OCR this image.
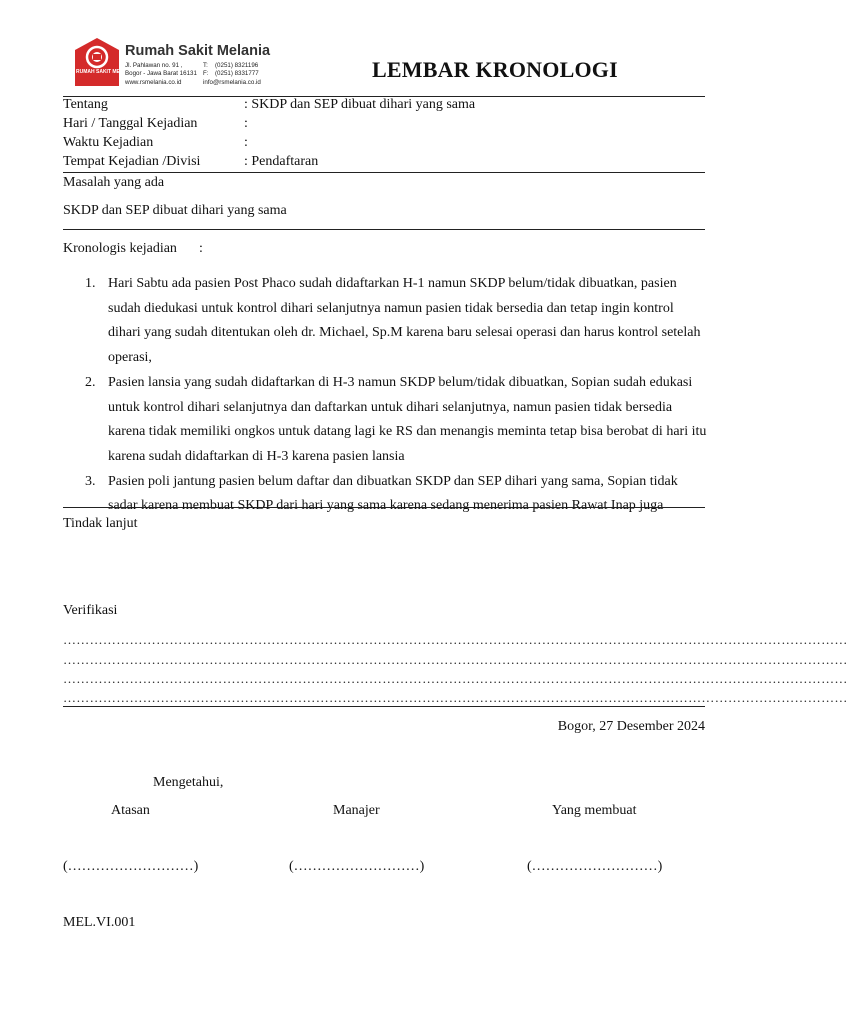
RUMAH SAKIT MELANIA
Rumah Sakit Melania
Jl. Pahlawan no. 91 ,
Bogor - Jawa Barat 16131
www.rsmelania.co.id
T: (0251) 8321196
F: (0251) 8331777
info@rsmelania.co.id
LEMBAR KRONOLOGI
Tentang	: SKDP dan SEP dibuat dihari yang sama
Hari / Tanggal Kejadian	:
Waktu Kejadian	:
Tempat Kejadian /Divisi	: Pendaftaran
Masalah yang ada
SKDP dan SEP dibuat dihari yang sama
Kronologis kejadian :
1. Hari Sabtu ada pasien Post Phaco sudah didaftarkan H-1 namun SKDP belum/tidak dibuatkan, pasien sudah diedukasi untuk kontrol dihari selanjutnya namun pasien tidak bersedia dan tetap ingin kontrol dihari yang sudah ditentukan oleh dr. Michael, Sp.M karena baru selesai operasi dan harus kontrol setelah operasi,
2. Pasien lansia yang sudah didaftarkan di H-3 namun SKDP belum/tidak dibuatkan, Sopian sudah edukasi untuk kontrol dihari selanjutnya dan daftarkan untuk dihari selanjutnya, namun pasien tidak bersedia karena tidak memiliki ongkos untuk datang lagi ke RS dan menangis meminta tetap bisa berobat di hari itu karena sudah didaftarkan di H-3 karena pasien lansia
3. Pasien poli jantung pasien belum daftar dan dibuatkan SKDP dan SEP dihari yang sama, Sopian tidak sadar karena membuat SKDP dari hari yang sama karena sedang menerima pasien Rawat Inap juga
Tindak lanjut
Verifikasi
……………………………………………………………………………………………………………………………………………………………
……………………………………………………………………………………………………………………………………………………………
……………………………………………………………………………………………………………………………………………………………
……………………………………………………………………………………………………………………………………………………………
Bogor, 27 Desember 2024
Mengetahui,
Atasan	Manajer	Yang membuat
(………………………)	(………………………)	(………………………)
MEL.VI.001
